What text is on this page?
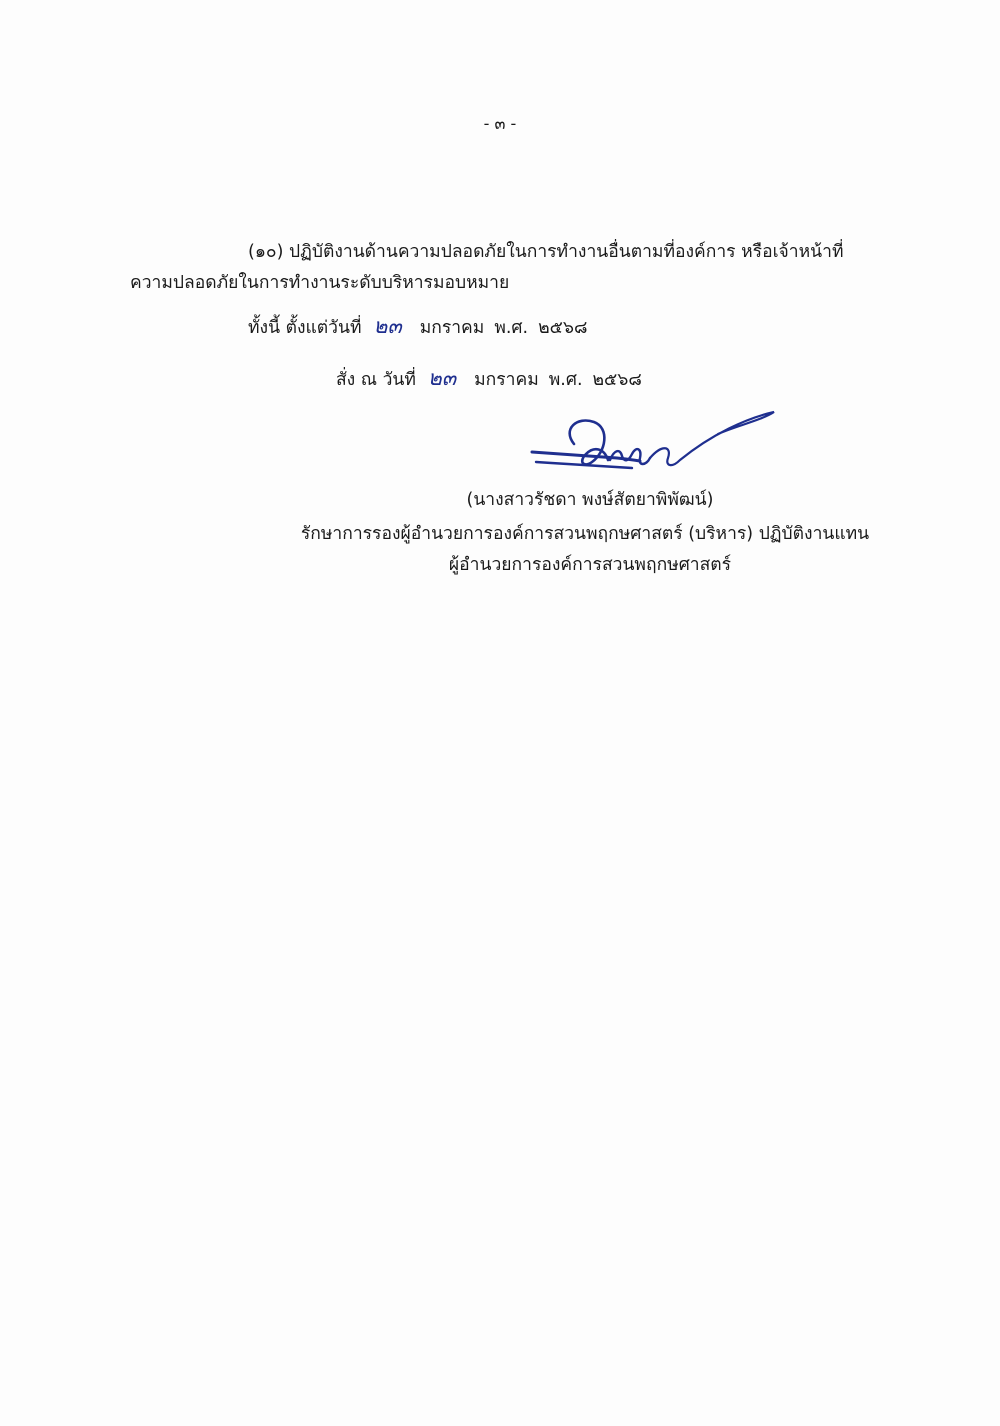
- ๓ -
(๑๐) ปฏิบัติงานด้านความปลอดภัยในการทำงานอื่นตามที่องค์การ หรือเจ้าหน้าที่
ความปลอดภัยในการทำงานระดับบริหารมอบหมาย
ทั้งนี้ ตั้งแต่วันที่ ๒๓ มกราคม พ.ศ. ๒๕๖๘
สั่ง ณ วันที่ ๒๓ มกราคม พ.ศ. ๒๕๖๘
(นางสาวรัชดา พงษ์สัตยาพิพัฒน์)
รักษาการรองผู้อำนวยการองค์การสวนพฤกษศาสตร์ (บริหาร) ปฏิบัติงานแทน
ผู้อำนวยการองค์การสวนพฤกษศาสตร์
